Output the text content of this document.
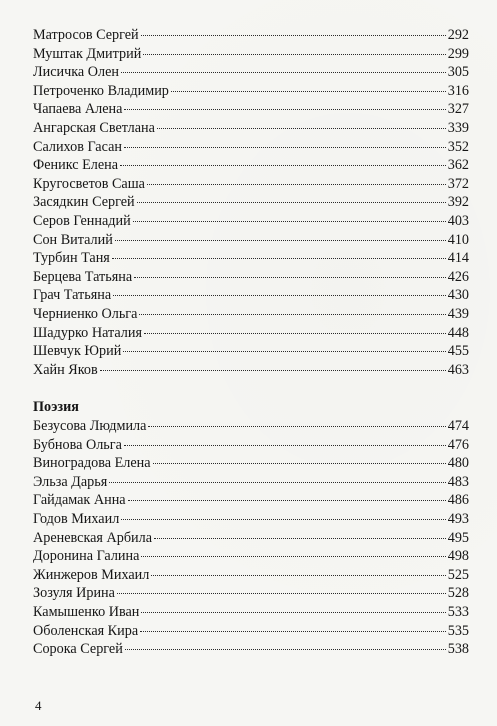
Матросов Сергей	292
Муштак Дмитрий	299
Лисичка Олен	305
Петроченко Владимир	316
Чапаева Алена	327
Ангарская Светлана	339
Салихов Гасан	352
Феникс Елена	362
Кругосветов Саша	372
Засядкин Сергей	392
Серов Геннадий	403
Сон Виталий	410
Турбин Таня	414
Берцева Татьяна	426
Грач Татьяна	430
Черниенко Ольга	439
Шадурко Наталия	448
Шевчук Юрий	455
Хайн Яков	463
Поэзия
Безусова Людмила	474
Бубнова Ольга	476
Виноградова Елена	480
Эльза Дарья	483
Гайдамак Анна	486
Годов Михаил	493
Ареневская Арбила	495
Доронина Галина	498
Жинжеров Михаил	525
Зозуля Ирина	528
Камышенко Иван	533
Оболенская Кира	535
Сорока Сергей	538
4
